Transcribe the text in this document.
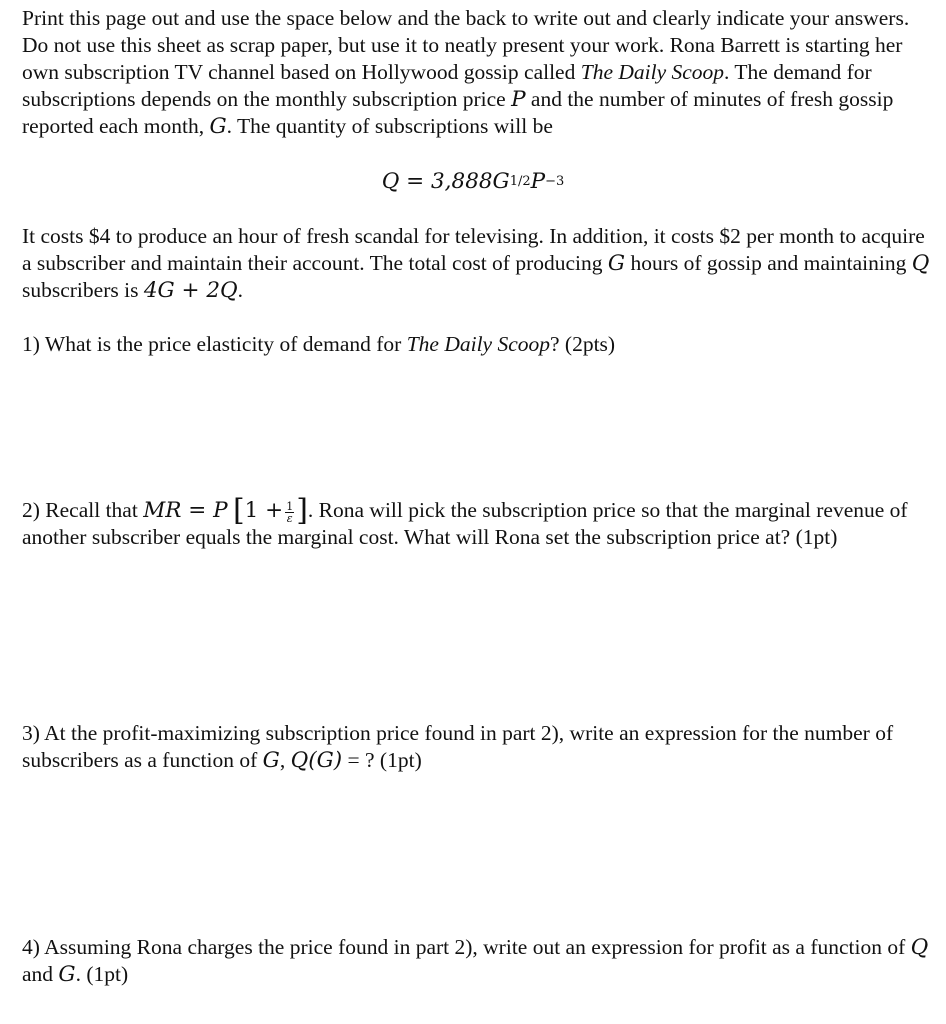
Print this page out and use the space below and the back to write out and clearly indicate your answers. Do not use this sheet as scrap paper, but use it to neatly present your work. Rona Barrett is starting her own subscription TV channel based on Hollywood gossip called The Daily Scoop. The demand for subscriptions depends on the monthly subscription price P and the number of minutes of fresh gossip reported each month, G. The quantity of subscriptions will be

$Q = 3,888G^{1/2}P^{-3}$

It costs $4 to produce an hour of fresh scandal for televising. In addition, it costs $2 per month to acquire a subscriber and maintain their account. The total cost of producing G hours of gossip and maintaining Q subscribers is 4G + 2Q.

1) What is the price elasticity of demand for The Daily Scoop? (2pts)

2) Recall that MR = P [$1 + \frac{1}{\varepsilon}$ ]. Rona will pick the subscription price so that the marginal revenue of another subscriber equals the marginal cost. What will Rona set the subscription price at? (1pt)

3) At the profit-maximizing subscription price found in part 2), write an expression for the number of subscribers as a function of G, Q(G) = ? (1pt)

4) Assuming Rona charges the price found in part 2), write out an expression for profit as a function of Q and G. (1pt)
